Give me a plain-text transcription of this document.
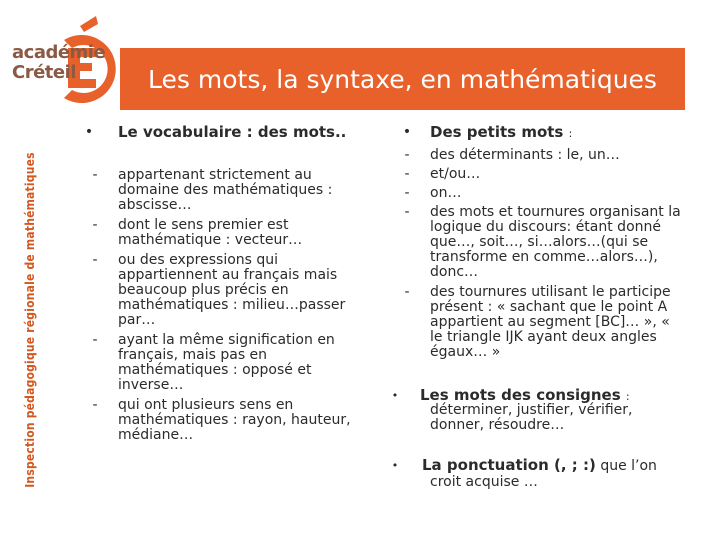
académie
Créteil
Inspection pédagogique régionale de mathématiques
Les mots, la syntaxe, en mathématiques
• Le vocabulaire : des mots..
-	appartenant strictement au domaine des mathématiques : abscisse…
-	dont le sens premier est mathématique : vecteur…
-	ou des expressions qui appartiennent au français mais beaucoup plus précis en mathématiques : milieu…passer par…
-	ayant la même signification en français, mais pas en mathématiques : opposé et inverse…
-	qui ont plusieurs sens en mathématiques : rayon, hauteur, médiane…
• Des petits mots :
-	des déterminants : le, un…
-	et/ou…
-	on…
-	des mots et tournures organisant la logique du discours: étant donné que…, soit…, si…alors…(qui se transforme en comme…alors…), donc…
-	des tournures utilisant le participe présent : « sachant que le point A appartient au segment [BC]… », « le triangle IJK ayant deux angles égaux… »
• Les mots des consignes :
déterminer, justifier, vérifier, donner, résoudre…
• La ponctuation (, ; :) que l’on
croit acquise …
